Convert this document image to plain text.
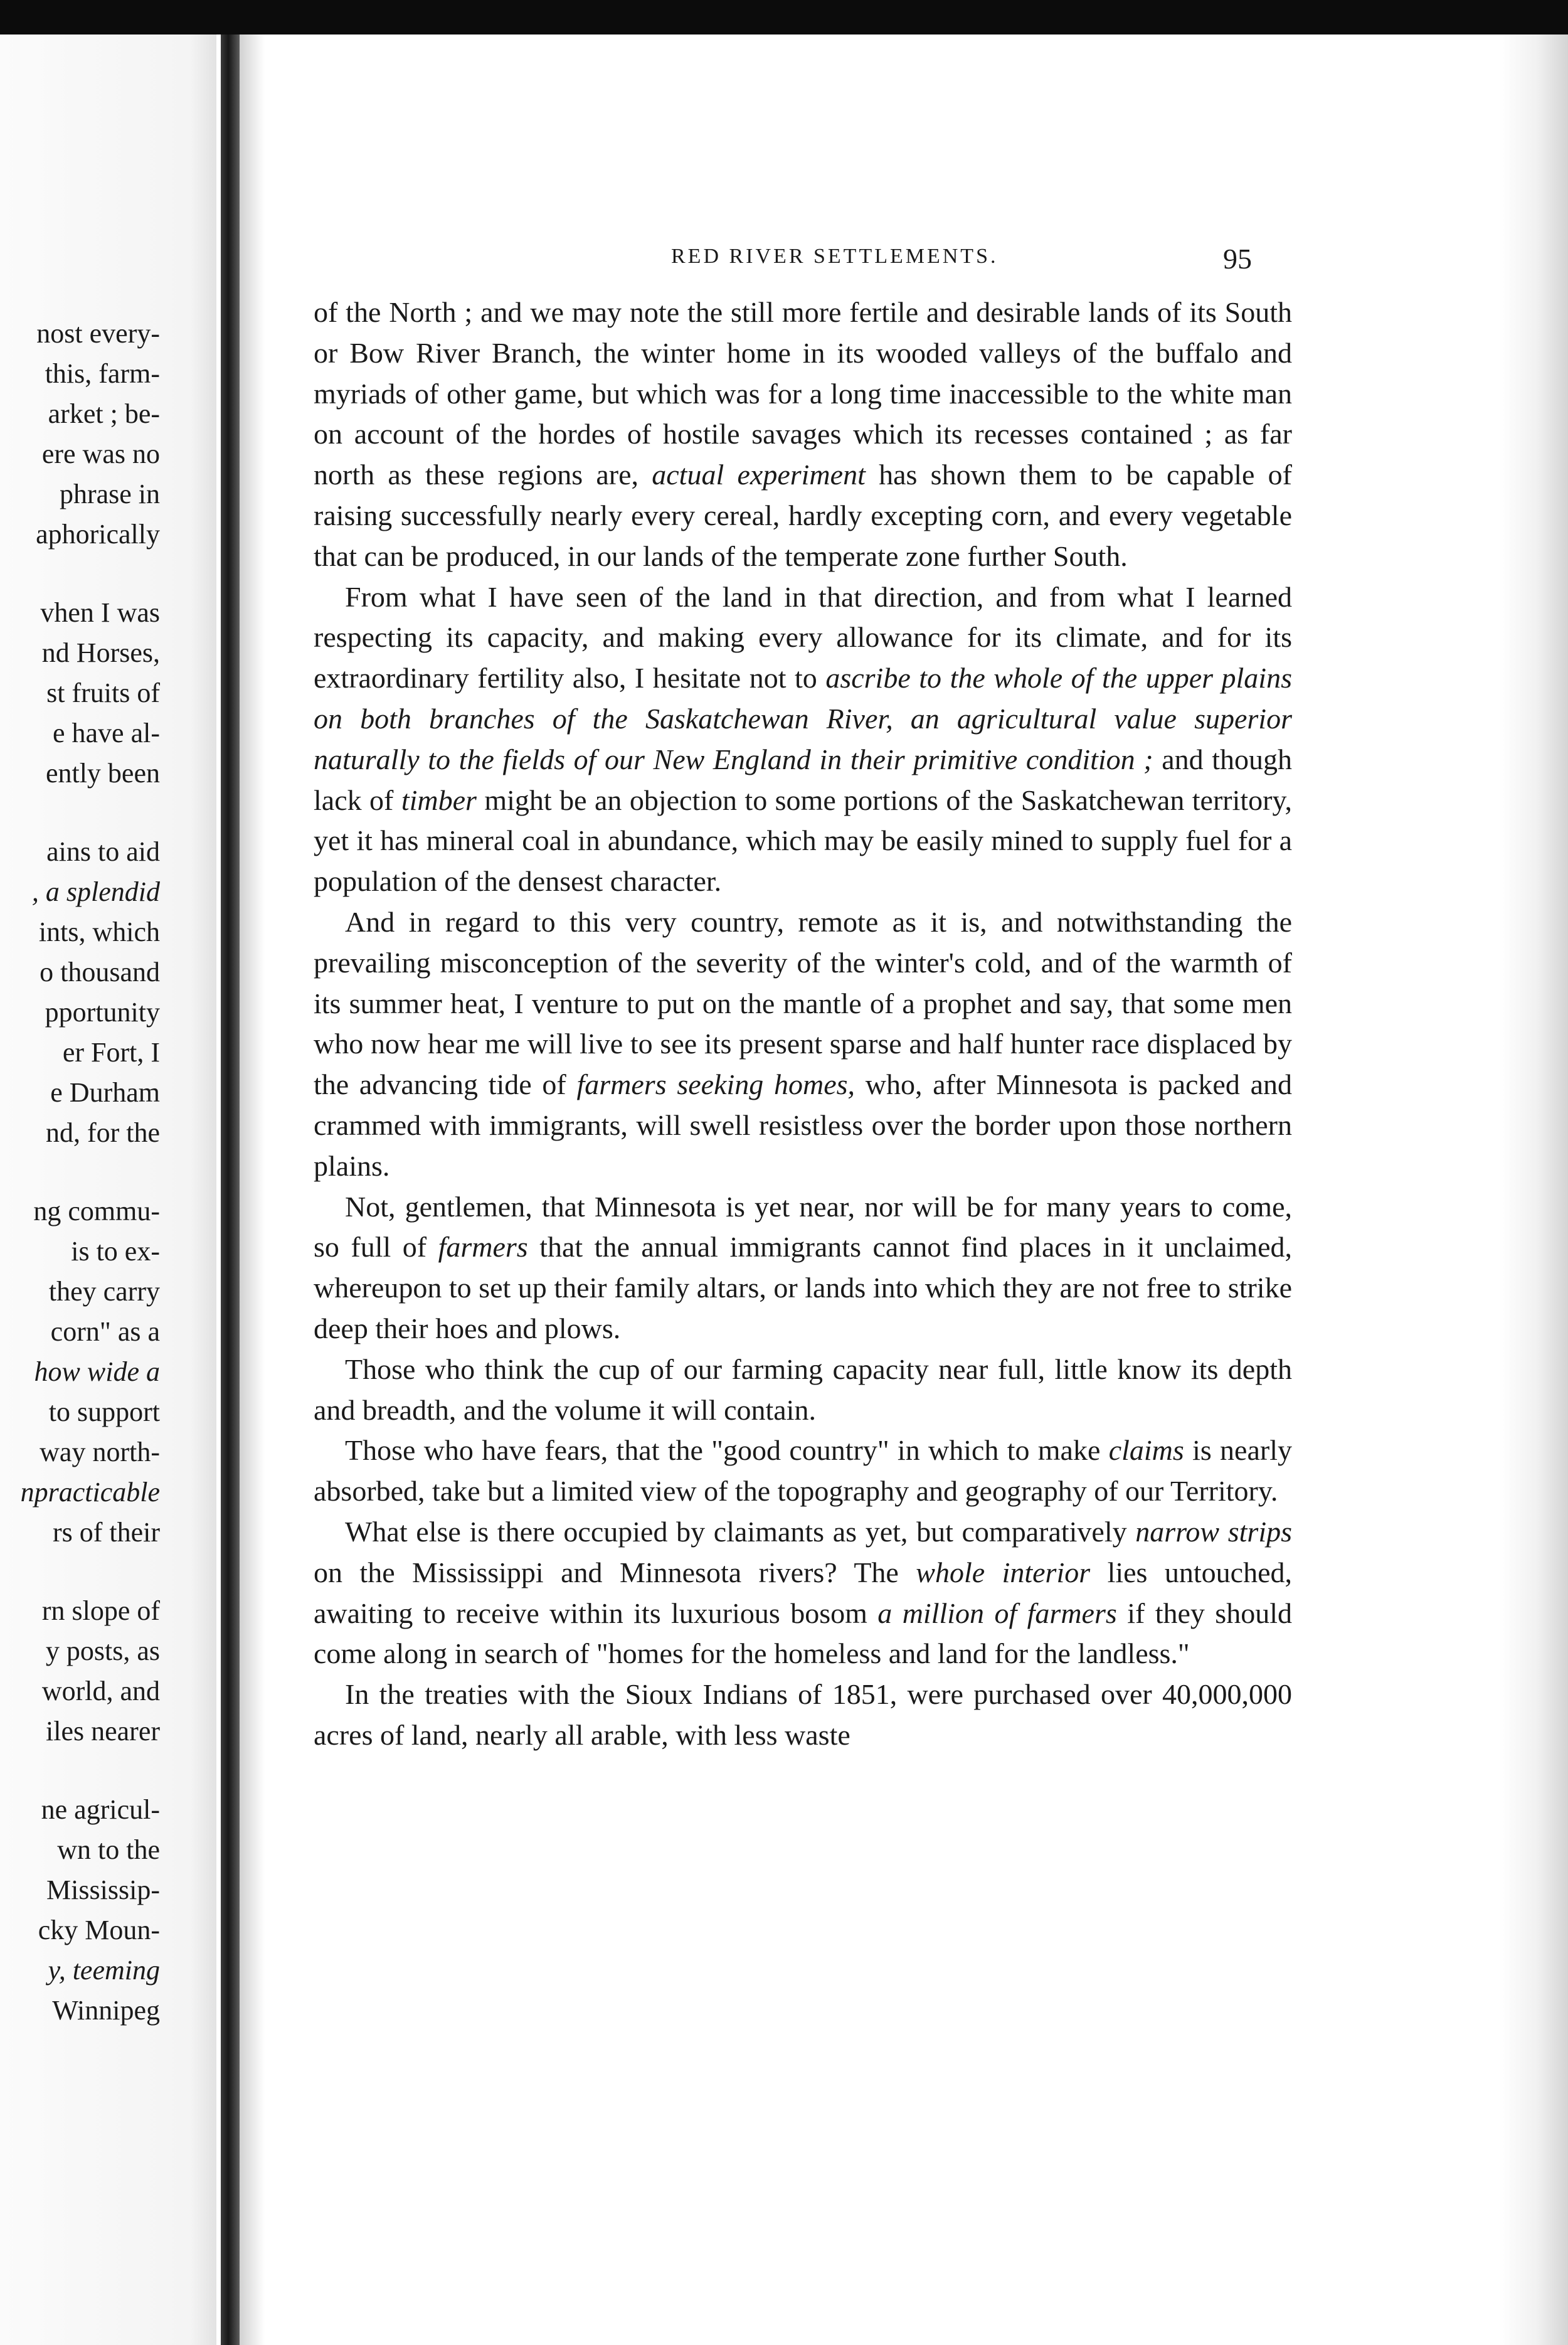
nost every-
this, farm-
arket ; be-
ere was no
phrase in
aphorically
vhen I was
nd Horses,
st fruits of
e have al-
ently been
ains to aid
, a splendid
ints, which
o thousand
pportunity
er Fort, I
e Durham
nd, for the
ng commu-
is to ex-
they carry
corn" as a
how wide a
to support
way north-
npracticable
rs of their
rn slope of
y posts, as
world, and
iles nearer
ne agricul-
wn to the
Mississip-
cky Moun-
y, teeming
Winnipeg
RED RIVER SETTLEMENTS.	95

of the North ; and we may note the still more fertile and desirable lands of its South or Bow River Branch, the winter home in its wooded valleys of the buffalo and myriads of other game, but which was for a long time inaccessible to the white man on account of the hordes of hostile savages which its recesses contained ; as far north as these regions are, actual experiment has shown them to be capable of raising successfully nearly every cereal, hardly excepting corn, and every vegetable that can be produced, in our lands of the temperate zone further South.

From what I have seen of the land in that direction, and from what I learned respecting its capacity, and making every allowance for its climate, and for its extraordinary fertility also, I hesitate not to ascribe to the whole of the upper plains on both branches of the Saskatchewan River, an agricultural value superior naturally to the fields of our New England in their primitive condition ; and though lack of timber might be an objection to some portions of the Saskatchewan territory, yet it has mineral coal in abundance, which may be easily mined to supply fuel for a population of the densest character.

And in regard to this very country, remote as it is, and notwithstanding the prevailing misconception of the severity of the winter's cold, and of the warmth of its summer heat, I venture to put on the mantle of a prophet and say, that some men who now hear me will live to see its present sparse and half hunter race displaced by the advancing tide of farmers seeking homes, who, after Minnesota is packed and crammed with immigrants, will swell resistless over the border upon those northern plains.

Not, gentlemen, that Minnesota is yet near, nor will be for many years to come, so full of farmers that the annual immigrants cannot find places in it unclaimed, whereupon to set up their family altars, or lands into which they are not free to strike deep their hoes and plows.

Those who think the cup of our farming capacity near full, little know its depth and breadth, and the volume it will contain.

Those who have fears, that the "good country" in which to make claims is nearly absorbed, take but a limited view of the topography and geography of our Territory.

What else is there occupied by claimants as yet, but comparatively narrow strips on the Mississippi and Minnesota rivers? The whole interior lies untouched, awaiting to receive within its luxurious bosom a million of farmers if they should come along in search of "homes for the homeless and land for the landless."

In the treaties with the Sioux Indians of 1851, were purchased over 40,000,000 acres of land, nearly all arable, with less waste
